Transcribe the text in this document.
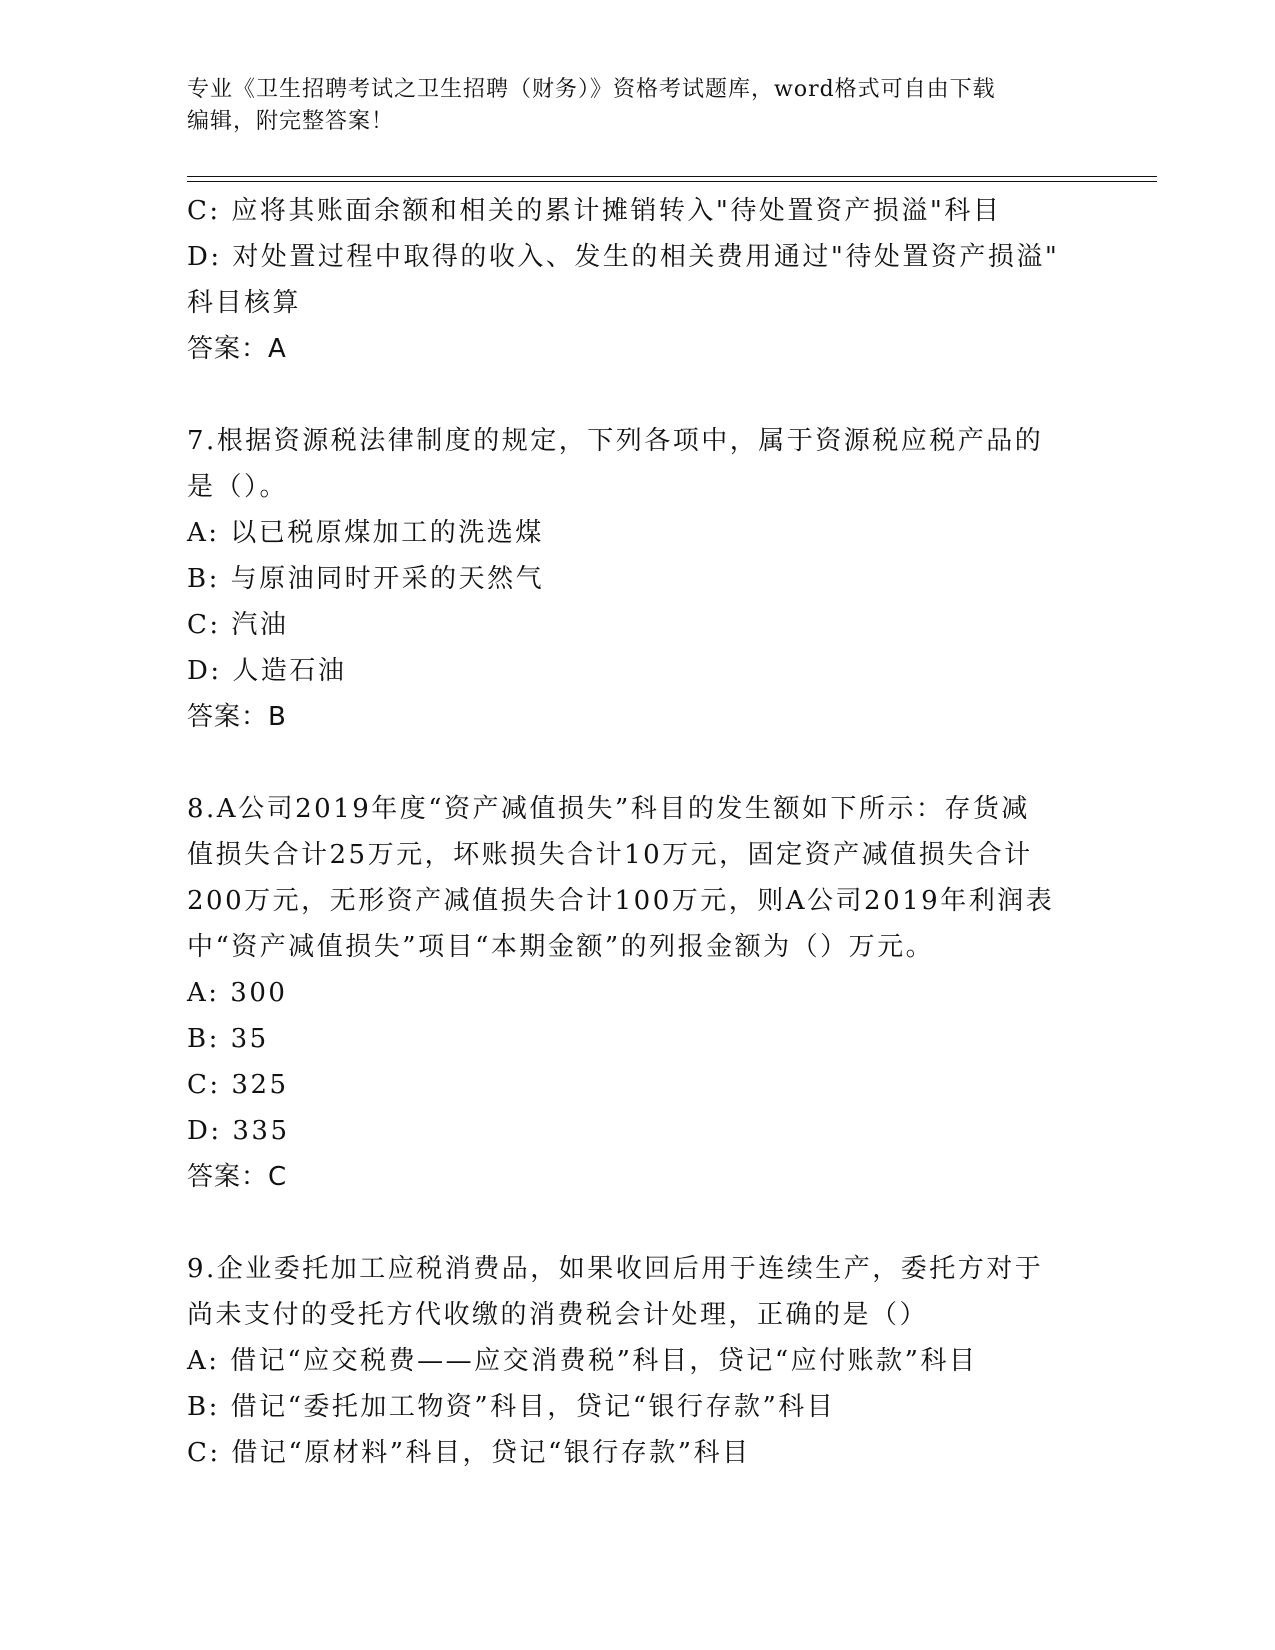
专业《卫生招聘考试之卫生招聘（财务）》资格考试题库，word格式可自由下载
编辑，附完整答案！
C: 应将其账面余额和相关的累计摊销转入"待处置资产损溢"科目
D: 对处置过程中取得的收入、发生的相关费用通过"待处置资产损溢"
科目核算
答案：A
7.根据资源税法律制度的规定，下列各项中，属于资源税应税产品的
是（）。
A: 以已税原煤加工的洗选煤
B: 与原油同时开采的天然气
C: 汽油
D: 人造石油
答案：B
8.A公司2019年度“资产减值损失”科目的发生额如下所示：存货减
值损失合计25万元，坏账损失合计10万元，固定资产减值损失合计
200万元，无形资产减值损失合计100万元，则A公司2019年利润表
中“资产减值损失”项目“本期金额”的列报金额为（）万元。
A: 300
B: 35
C: 325
D: 335
答案：C
9.企业委托加工应税消费品，如果收回后用于连续生产，委托方对于
尚未支付的受托方代收缴的消费税会计处理，正确的是（）
A: 借记“应交税费——应交消费税”科目，贷记“应付账款”科目
B: 借记“委托加工物资”科目，贷记“银行存款”科目
C: 借记“原材料”科目，贷记“银行存款”科目
